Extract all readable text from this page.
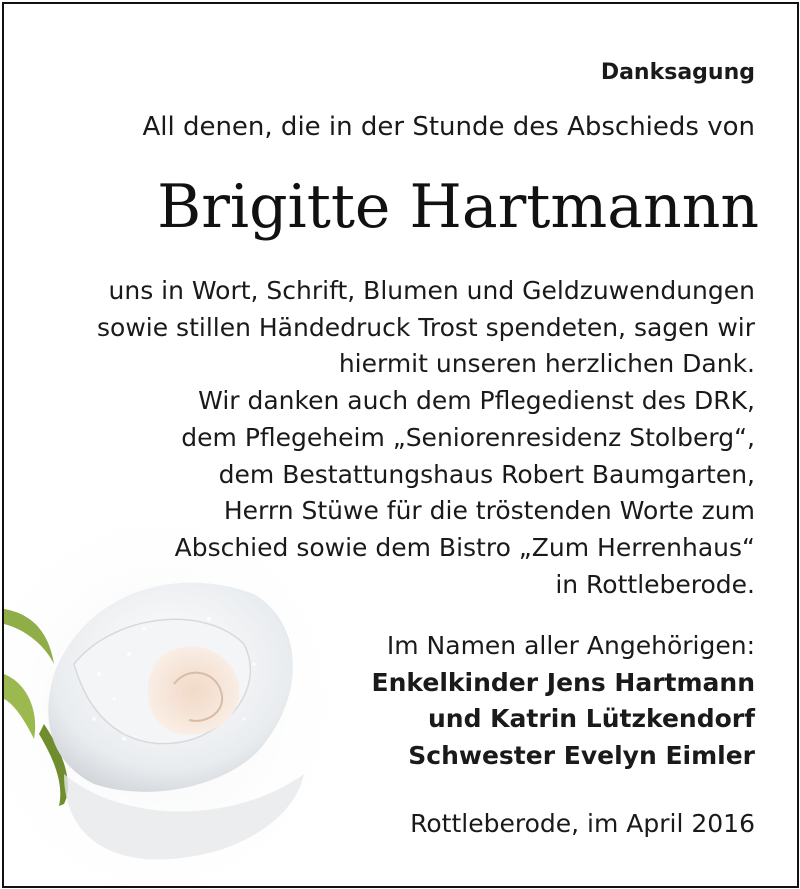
Danksagung
All denen, die in der Stunde des Abschieds von
Brigitte Hartmannn
uns in Wort, Schrift, Blumen und Geldzuwendungen
sowie stillen Händedruck Trost spendeten, sagen wir
hiermit unseren herzlichen Dank.
Wir danken auch dem Pflegedienst des DRK,
dem Pflegeheim „Seniorenresidenz Stolberg“,
dem Bestattungshaus Robert Baumgarten,
Herrn Stüwe für die tröstenden Worte zum
Abschied sowie dem Bistro „Zum Herrenhaus“
in Rottleberode.
Im Namen aller Angehörigen:
Enkelkinder Jens Hartmann
und Katrin Lützkendorf
Schwester Evelyn Eimler
Rottleberode, im April 2016
